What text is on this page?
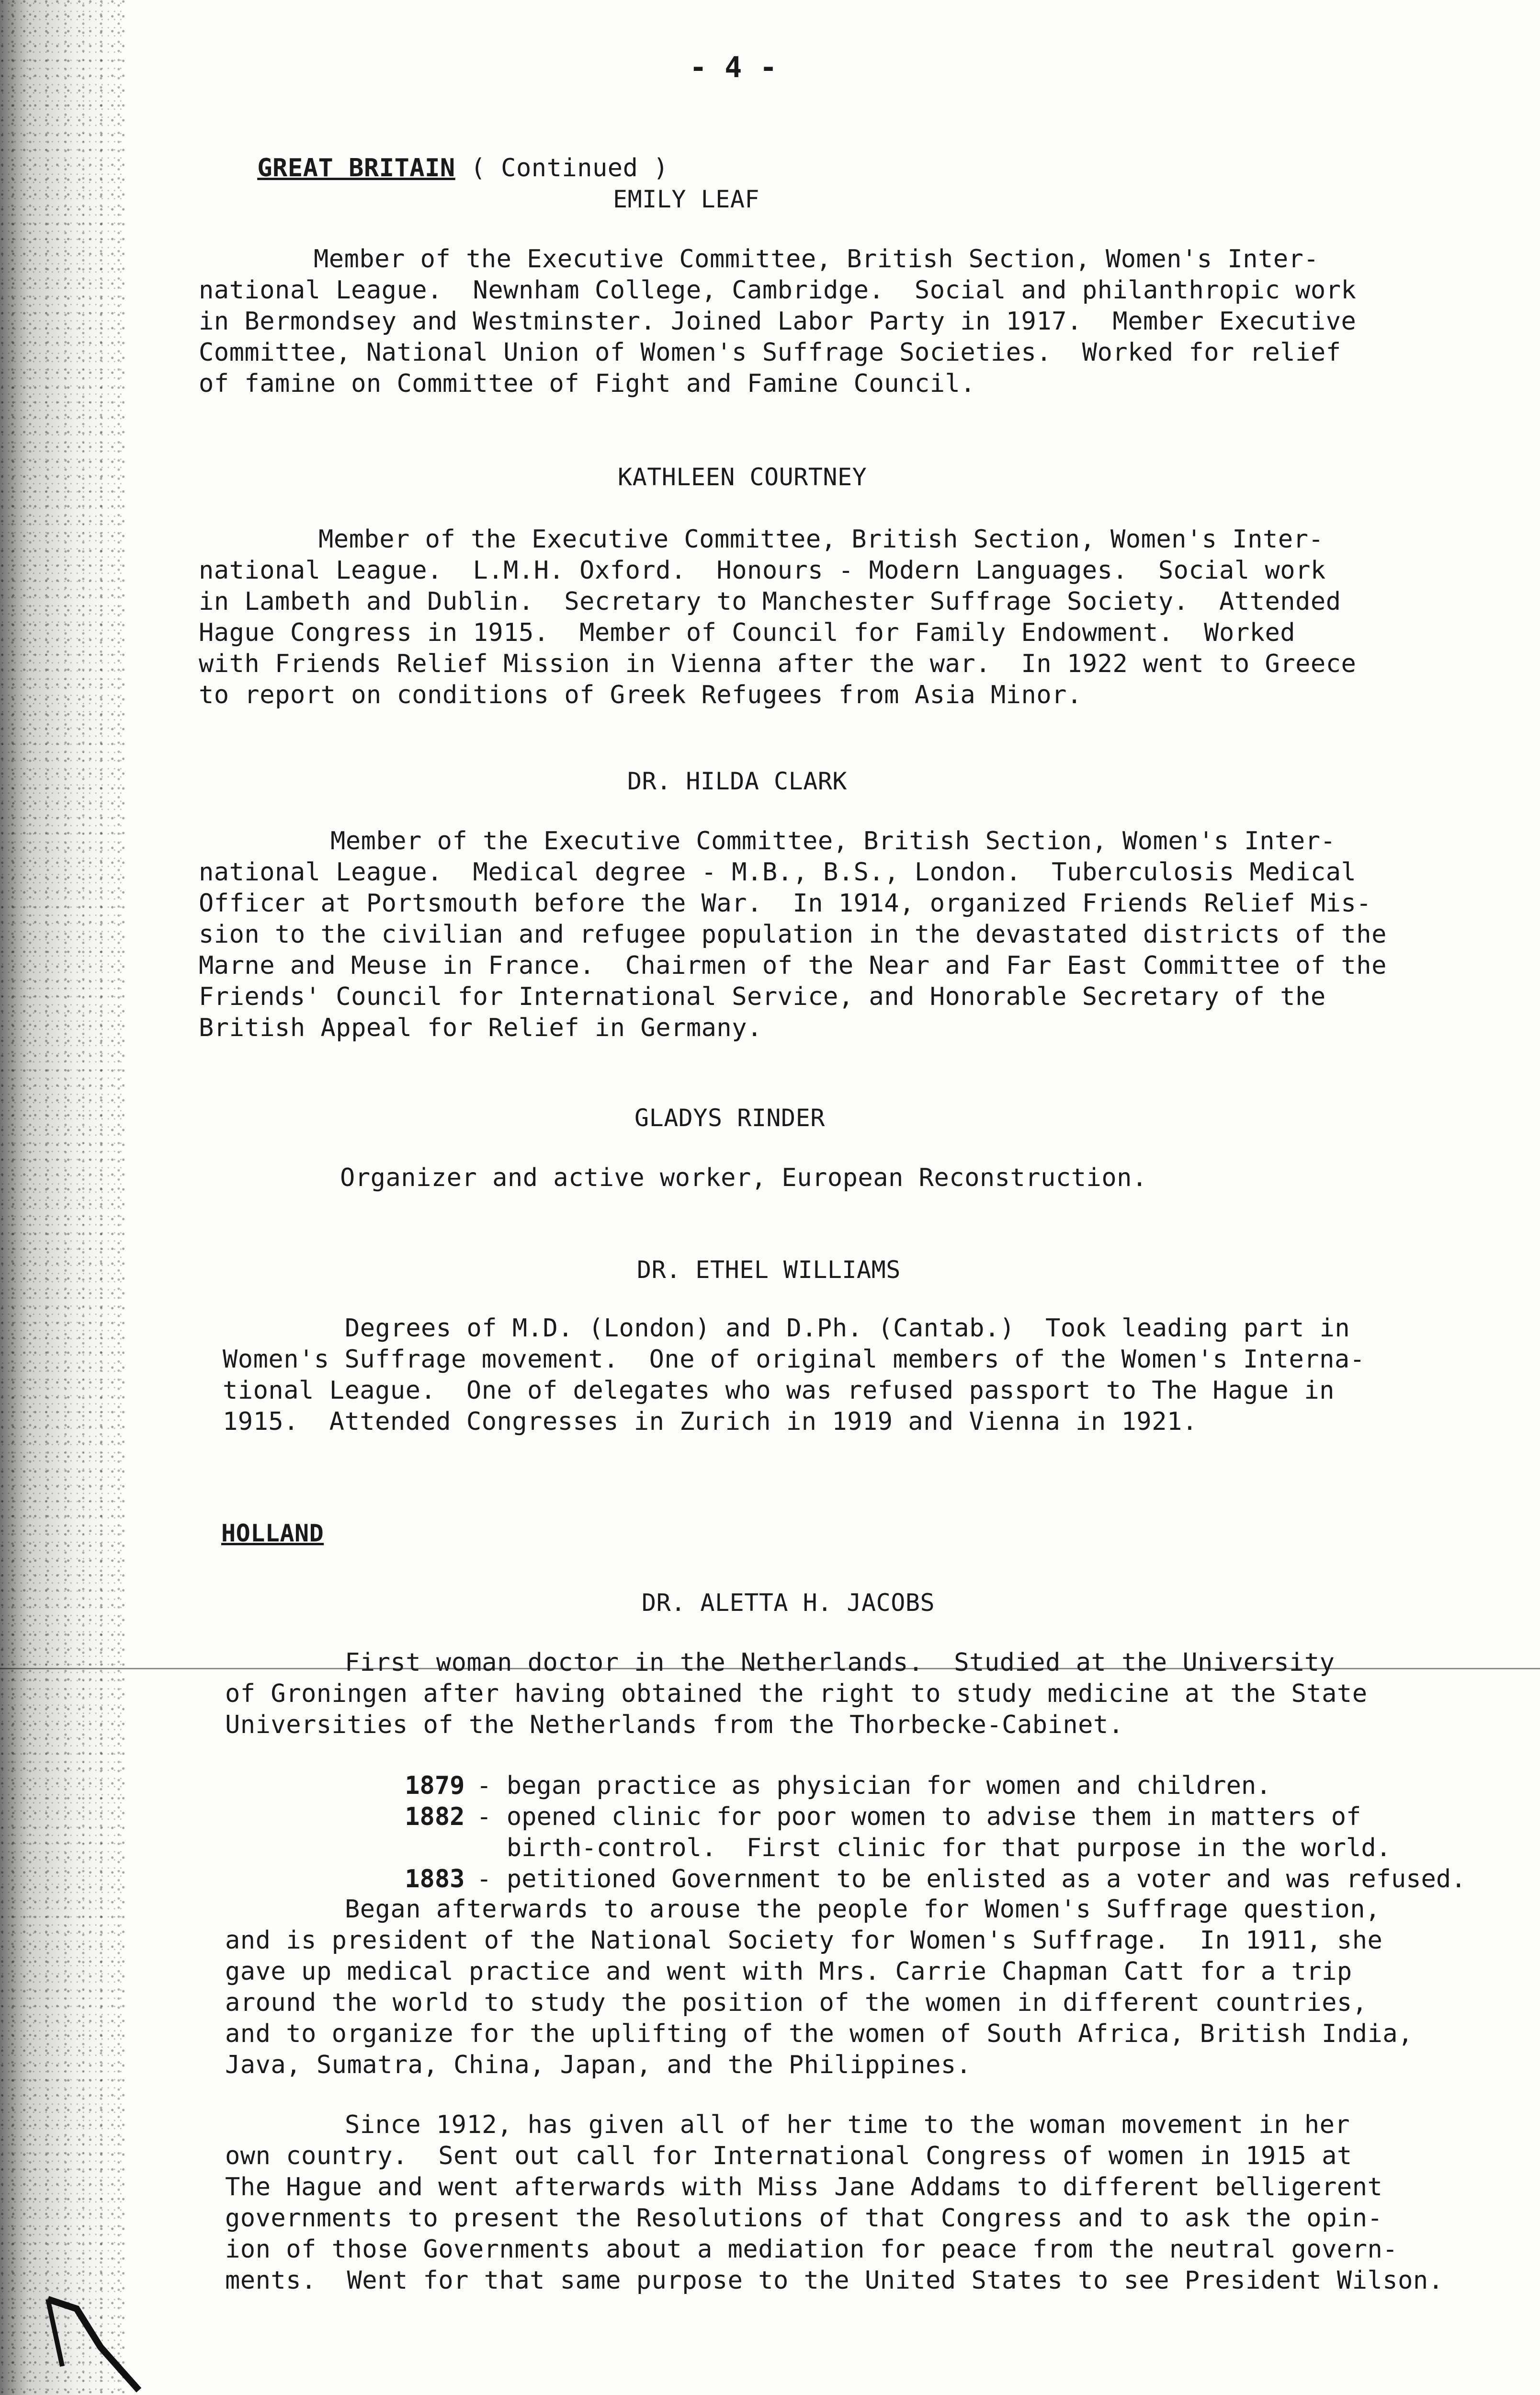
- 4 -

GREAT BRITAIN ( Continued )

EMILY LEAF
Member of the Executive Committee, British Section, Women's Inter-
national League.  Newnham College, Cambridge.  Social and philanthropic work
in Bermondsey and Westminster. Joined Labor Party in 1917.  Member Executive
Committee, National Union of Women's Suffrage Societies.  Worked for relief
of famine on Committee of Fight and Famine Council.
KATHLEEN COURTNEY
Member of the Executive Committee, British Section, Women's Inter-
national League.  L.M.H. Oxford.  Honours - Modern Languages.  Social work
in Lambeth and Dublin.  Secretary to Manchester Suffrage Society.  Attended
Hague Congress in 1915.  Member of Council for Family Endowment.  Worked
with Friends Relief Mission in Vienna after the war.  In 1922 went to Greece
to report on conditions of Greek Refugees from Asia Minor.
DR. HILDA CLARK
Member of the Executive Committee, British Section, Women's Inter-
national League.  Medical degree - M.B., B.S., London.  Tuberculosis Medical
Officer at Portsmouth before the War.  In 1914, organized Friends Relief Mis-
sion to the civilian and refugee population in the devastated districts of the
Marne and Meuse in France.  Chairmen of the Near and Far East Committee of the
Friends' Council for International Service, and Honorable Secretary of the
British Appeal for Relief in Germany.
GLADYS RINDER
Organizer and active worker, European Reconstruction.
DR. ETHEL WILLIAMS
Degrees of M.D. (London) and D.Ph. (Cantab.)  Took leading part in
Women's Suffrage movement.  One of original members of the Women's Interna-
tional League.  One of delegates who was refused passport to The Hague in
1915.  Attended Congresses in Zurich in 1919 and Vienna in 1921.
HOLLAND
DR. ALETTA H. JACOBS
First woman doctor in the Netherlands.  Studied at the University
of Groningen after having obtained the right to study medicine at the State
Universities of the Netherlands from the Thorbecke-Cabinet.

1879 - began practice as physician for women and children.

1882 - opened clinic for poor women to advise them in matters of

birth-control.  First clinic for that purpose in the world.

1883 - petitioned Government to be enlisted as a voter and was refused.

Began afterwards to arouse the people for Women's Suffrage question,
and is president of the National Society for Women's Suffrage.  In 1911, she
gave up medical practice and went with Mrs. Carrie Chapman Catt for a trip
around the world to study the position of the women in different countries,
and to organize for the uplifting of the women of South Africa, British India,
Java, Sumatra, China, Japan, and the Philippines.
Since 1912, has given all of her time to the woman movement in her
own country.  Sent out call for International Congress of women in 1915 at
The Hague and went afterwards with Miss Jane Addams to different belligerent
governments to present the Resolutions of that Congress and to ask the opin-
ion of those Governments about a mediation for peace from the neutral govern-
ments.  Went for that same purpose to the United States to see President Wilson.
